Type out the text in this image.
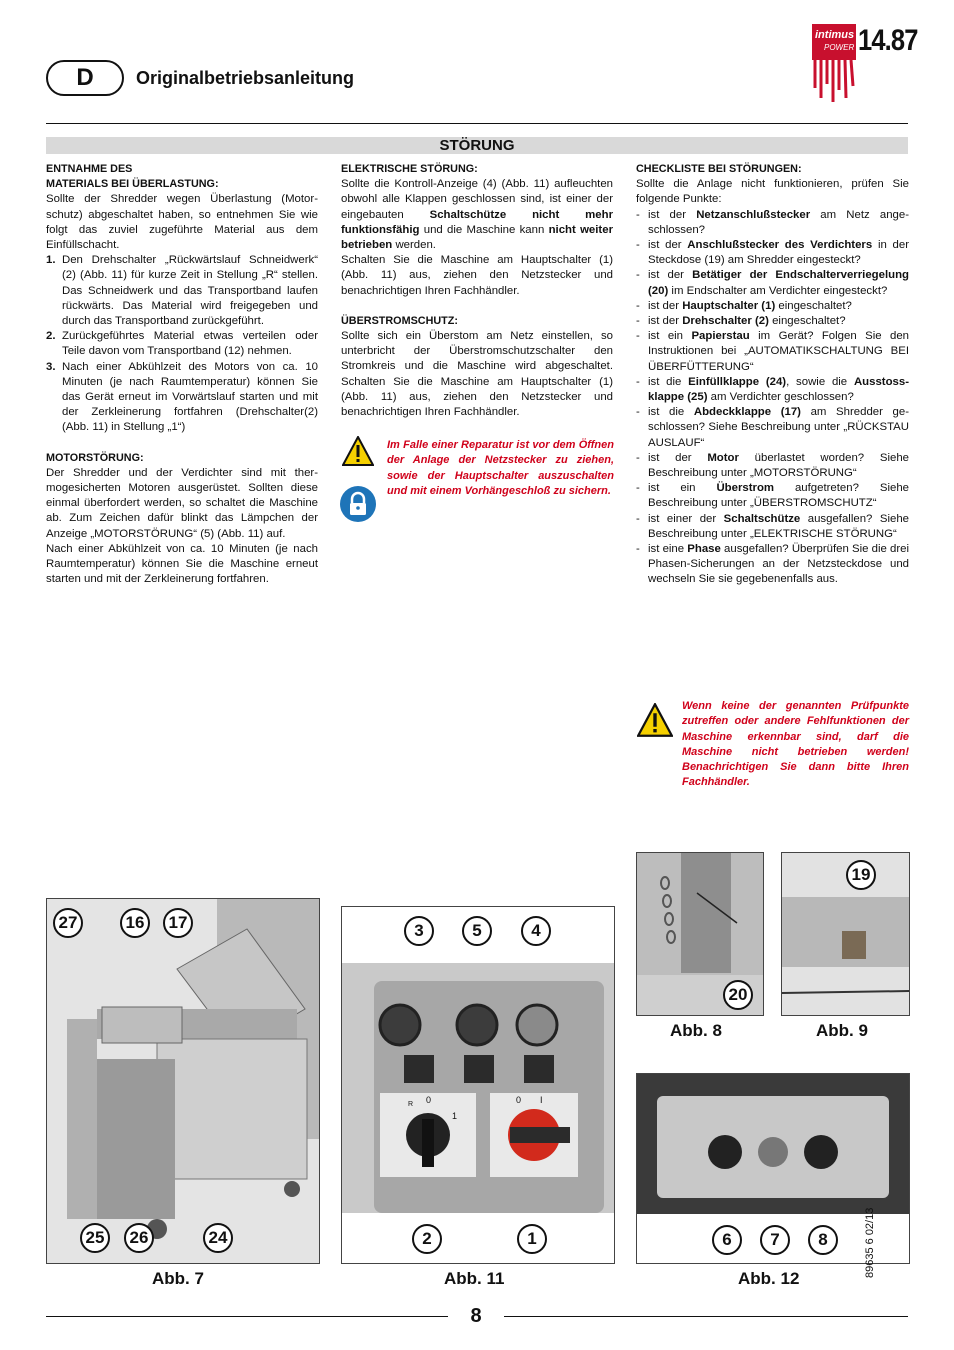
D Originalbetriebsanleitung
intimus
POWER 14.87
STÖRUNG

ENTNAHME DES

MATERIALS BEI ÜBERLASTUNG:

Sollte der Shredder wegen Überlastung (Motorschutz) abgeschaltet haben, so entnehmen Sie wie folgt das zuviel zugeführte Material aus dem Einfüllschacht.

1. Den Drehschalter „Rückwärtslauf Schneidwerk“ (2) (Abb. 11) für kurze Zeit in Stellung „R“ stellen. Das Schneidwerk und das Transportband laufen rückwärts. Das Material wird freigegeben und durch das Transportband zurückgeführt.
2. Zurückgeführtes Material etwas verteilen oder Teile davon vom Transportband (12) nehmen.
3. Nach einer Abkühlzeit des Motors von ca. 10 Minuten (je nach Raumtemperatur) können Sie das Gerät erneut im Vorwärtslauf starten und mit der Zerkleinerung fortfahren (Drehschalter(2) (Abb. 11) in Stellung „1“)

MOTORSTÖRUNG:

Der Shredder und der Verdichter sind mit thermogesicherten Motoren ausgerüstet. Sollten diese einmal überfordert werden, so schaltet die Maschine ab. Zum Zeichen dafür blinkt das Lämpchen der Anzeige „MOTORSTÖRUNG“ (5) (Abb. 11) auf.

Nach einer Abkühlzeit von ca. 10 Minuten (je nach Raumtemperatur) können Sie die Maschine erneut starten und mit der Zerkleinerung fortfahren.

ELEKTRISCHE STÖRUNG:

Sollte die Kontroll-Anzeige (4) (Abb. 11) aufleuchten obwohl alle Klappen geschlossen sind, ist einer der eingebauten Schaltschütze nicht mehr funktionsfähig und die Maschine kann nicht weiter betrieben werden.

Schalten Sie die Maschine am Hauptschalter (1) (Abb. 11) aus, ziehen den Netzstecker und benachrichtigen Ihren Fachhändler.

ÜBERSTROMSCHUTZ:

Sollte sich ein Überstom am Netz einstellen, so unterbricht der Überstromschutzschalter den Stromkreis und die Maschine wird abgeschaltet. Schalten Sie die Maschine am Hauptschalter (1) (Abb. 11) aus, ziehen den Netzstecker und benachrichtigen Ihren Fachhändler.

Im Falle einer Reparatur ist vor dem Öffnen der Anlage der Netzstecker zu ziehen, sowie der Hauptschalter auszuschalten und mit einem Vorhängeschloß zu sichern.

CHECKLISTE BEI STÖRUNGEN:

Sollte die Anlage nicht funktionieren, prüfen Sie folgende Punkte:

- ist der Netzanschlußstecker am Netz angeschlossen?
- ist der Anschlußstecker des Verdichters in der Steckdose (19) am Shredder eingesteckt?
- ist der Betätiger der Endschalterverriegelung (20) im Endschalter am Verdichter eingesteckt?
- ist der Hauptschalter (1) eingeschaltet?
- ist der Drehschalter (2) eingeschaltet?
- ist ein Papierstau im Gerät? Folgen Sie den Instruktionen bei „AUTOMATIKSCHALTUNG BEI ÜBERFÜTTERUNG“
- ist die Einfüllklappe (24), sowie die Ausstossklappe (25) am Verdichter geschlossen?
- ist die Abdeckklappe (17) am Shredder geschlossen? Siehe Beschreibung unter „RÜCKSTAU AUSLAUF“
- ist der Motor überlastet worden? Siehe Beschreibung unter „MOTORSTÖRUNG“
- ist ein Überstrom aufgetreten? Siehe Beschreibung unter „ÜBERSTROMSCHUTZ“
- ist einer der Schaltschütze ausgefallen? Siehe Beschreibung unter „ELEKTRISCHE STÖRUNG“
- ist eine Phase ausgefallen? Überprüfen Sie die drei Phasen-Sicherungen an der Netzsteckdose und wechseln Sie sie gegebenenfalls aus.
Wenn keine der genannten Prüfpunkte zutreffen oder andere Fehlfunktionen der Maschine erkennbar sind, darf die Maschine nicht betrieben werden! Benachrichtigen Sie dann bitte Ihren Fachhändler.
27	16	17
25	26	24
Abb. 7
3	5	4
2	1
0
R
1
0 I
Abb. 11
20
Abb. 8
19
Abb. 9
6	7	8
Abb. 12
89635 6 02/13
8
